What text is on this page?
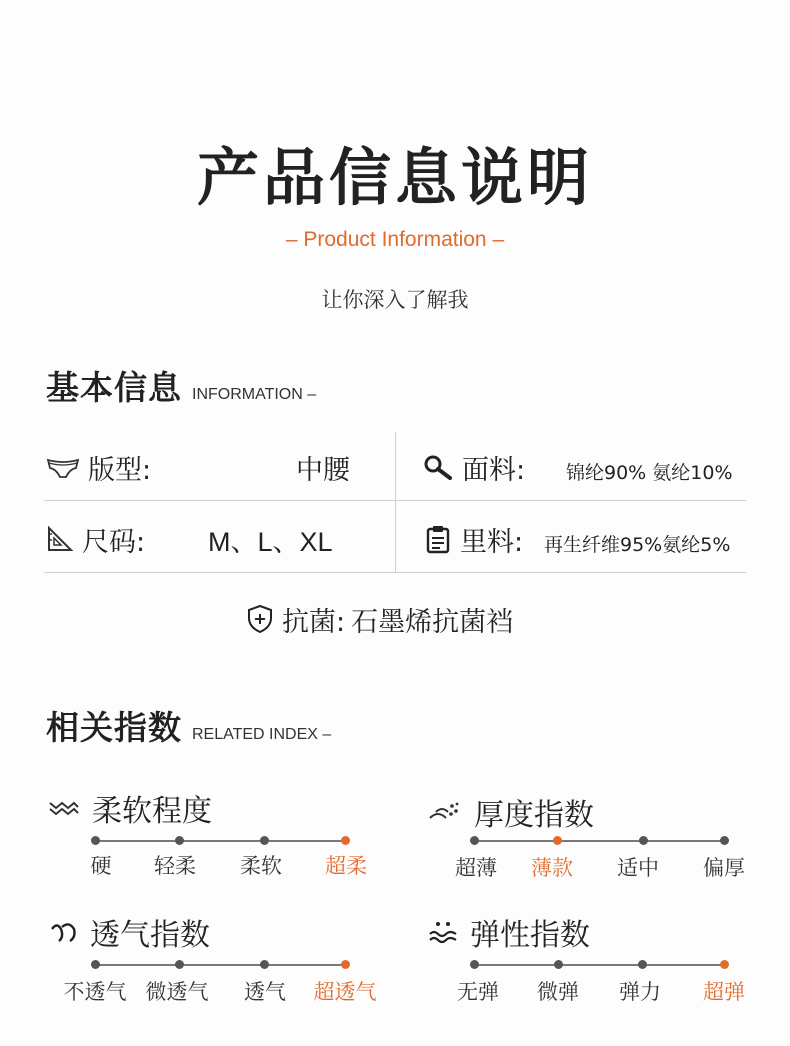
产品信息说明
– Product Information –
让你深入了解我
基本信息 INFORMATION –
版型:	中腰	面料: 锦纶90% 氨纶10%
尺码: M、L、XL	里料: 再生纤维95%氨纶5%
抗菌: 石墨烯抗菌裆
相关指数 RELATED INDEX –
柔软程度
硬 轻柔 柔软 超柔
厚度指数
超薄 薄款 适中 偏厚
透气指数
不透气 微透气 透气 超透气
弹性指数
无弹 微弹 弹力 超弹
